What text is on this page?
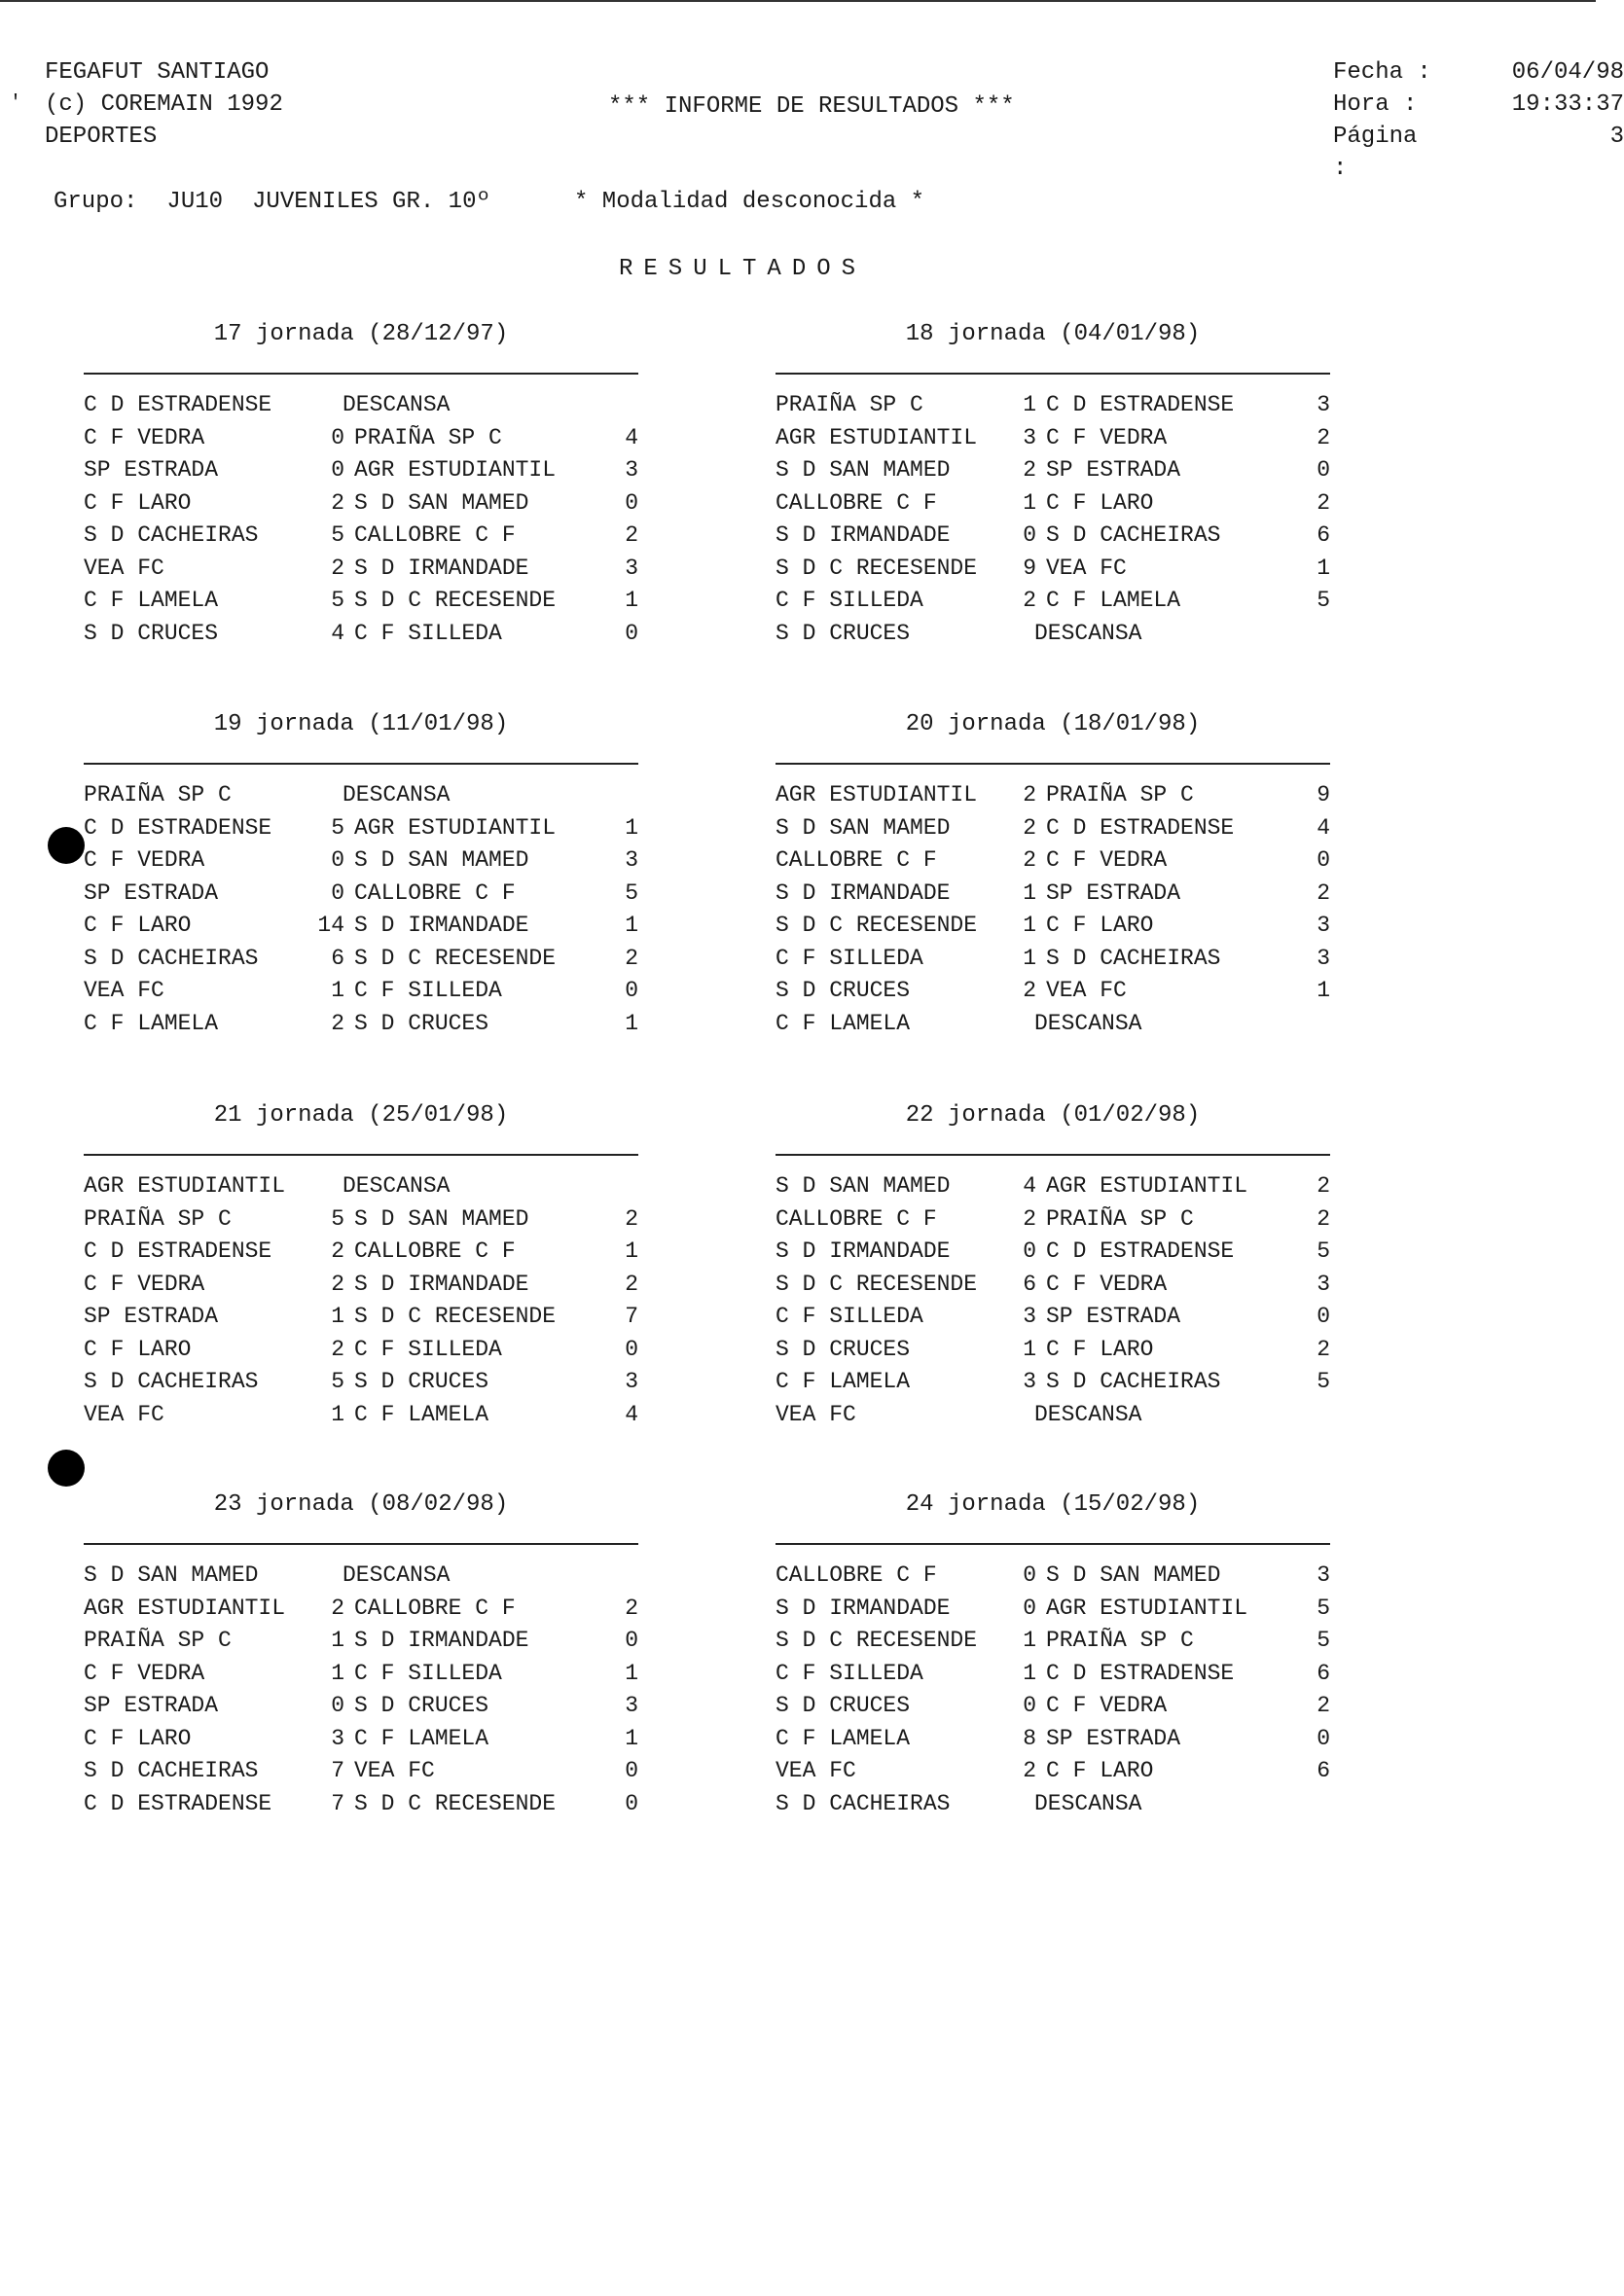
′
FEGAFUT SANTIAGO
(c) COREMAIN 1992
DEPORTES
*** INFORME DE RESULTADOS ***
Fecha :	06/04/98
Hora :	19:33:37
Página :
3
Grupo: JU10 JUVENILES GR. 10º	* Modalidad desconocida *
RESULTADOS
17 jornada (28/12/97)
C D ESTRADENSE	DESCANSA
C F VEDRA	0 PRAIÑA SP C	4
SP ESTRADA	0 AGR ESTUDIANTIL	3
C F LARO	2 S D SAN MAMED	0
S D CACHEIRAS	5 CALLOBRE C F	2
VEA FC	2 S D IRMANDADE	3
C F LAMELA	5 S D C RECESENDE	1
S D CRUCES	4 C F SILLEDA	0
18 jornada (04/01/98)
PRAIÑA SP C	1 C D ESTRADENSE	3
AGR ESTUDIANTIL	3 C F VEDRA	2
S D SAN MAMED	2 SP ESTRADA	0
CALLOBRE C F	1 C F LARO	2
S D IRMANDADE	0 S D CACHEIRAS	6
S D C RECESENDE	9 VEA FC	1
C F SILLEDA	2 C F LAMELA	5
S D CRUCES	DESCANSA
19 jornada (11/01/98)
PRAIÑA SP C	DESCANSA
C D ESTRADENSE	5 AGR ESTUDIANTIL	1
C F VEDRA	0 S D SAN MAMED	3
SP ESTRADA	0 CALLOBRE C F	5
C F LARO	14 S D IRMANDADE	1
S D CACHEIRAS	6 S D C RECESENDE	2
VEA FC	1 C F SILLEDA	0
C F LAMELA	2 S D CRUCES	1
20 jornada (18/01/98)
AGR ESTUDIANTIL	2 PRAIÑA SP C	9
S D SAN MAMED	2 C D ESTRADENSE	4
CALLOBRE C F	2 C F VEDRA	0
S D IRMANDADE	1 SP ESTRADA	2
S D C RECESENDE	1 C F LARO	3
C F SILLEDA	1 S D CACHEIRAS	3
S D CRUCES	2 VEA FC	1
C F LAMELA	DESCANSA
21 jornada (25/01/98)
AGR ESTUDIANTIL	DESCANSA
PRAIÑA SP C	5 S D SAN MAMED	2
C D ESTRADENSE	2 CALLOBRE C F	1
C F VEDRA	2 S D IRMANDADE	2
SP ESTRADA	1 S D C RECESENDE	7
C F LARO	2 C F SILLEDA	0
S D CACHEIRAS	5 S D CRUCES	3
VEA FC	1 C F LAMELA	4
22 jornada (01/02/98)
S D SAN MAMED	4 AGR ESTUDIANTIL	2
CALLOBRE C F	2 PRAIÑA SP C	2
S D IRMANDADE	0 C D ESTRADENSE	5
S D C RECESENDE	6 C F VEDRA	3
C F SILLEDA	3 SP ESTRADA	0
S D CRUCES	1 C F LARO	2
C F LAMELA	3 S D CACHEIRAS	5
VEA FC	DESCANSA
23 jornada (08/02/98)
S D SAN MAMED	DESCANSA
AGR ESTUDIANTIL	2 CALLOBRE C F	2
PRAIÑA SP C	1 S D IRMANDADE	0
C F VEDRA	1 C F SILLEDA	1
SP ESTRADA	0 S D CRUCES	3
C F LARO	3 C F LAMELA	1
S D CACHEIRAS	7 VEA FC	0
C D ESTRADENSE	7 S D C RECESENDE	0
24 jornada (15/02/98)
CALLOBRE C F	0 S D SAN MAMED	3
S D IRMANDADE	0 AGR ESTUDIANTIL	5
S D C RECESENDE	1 PRAIÑA SP C	5
C F SILLEDA	1 C D ESTRADENSE	6
S D CRUCES	0 C F VEDRA	2
C F LAMELA	8 SP ESTRADA	0
VEA FC	2 C F LARO	6
S D CACHEIRAS	DESCANSA
